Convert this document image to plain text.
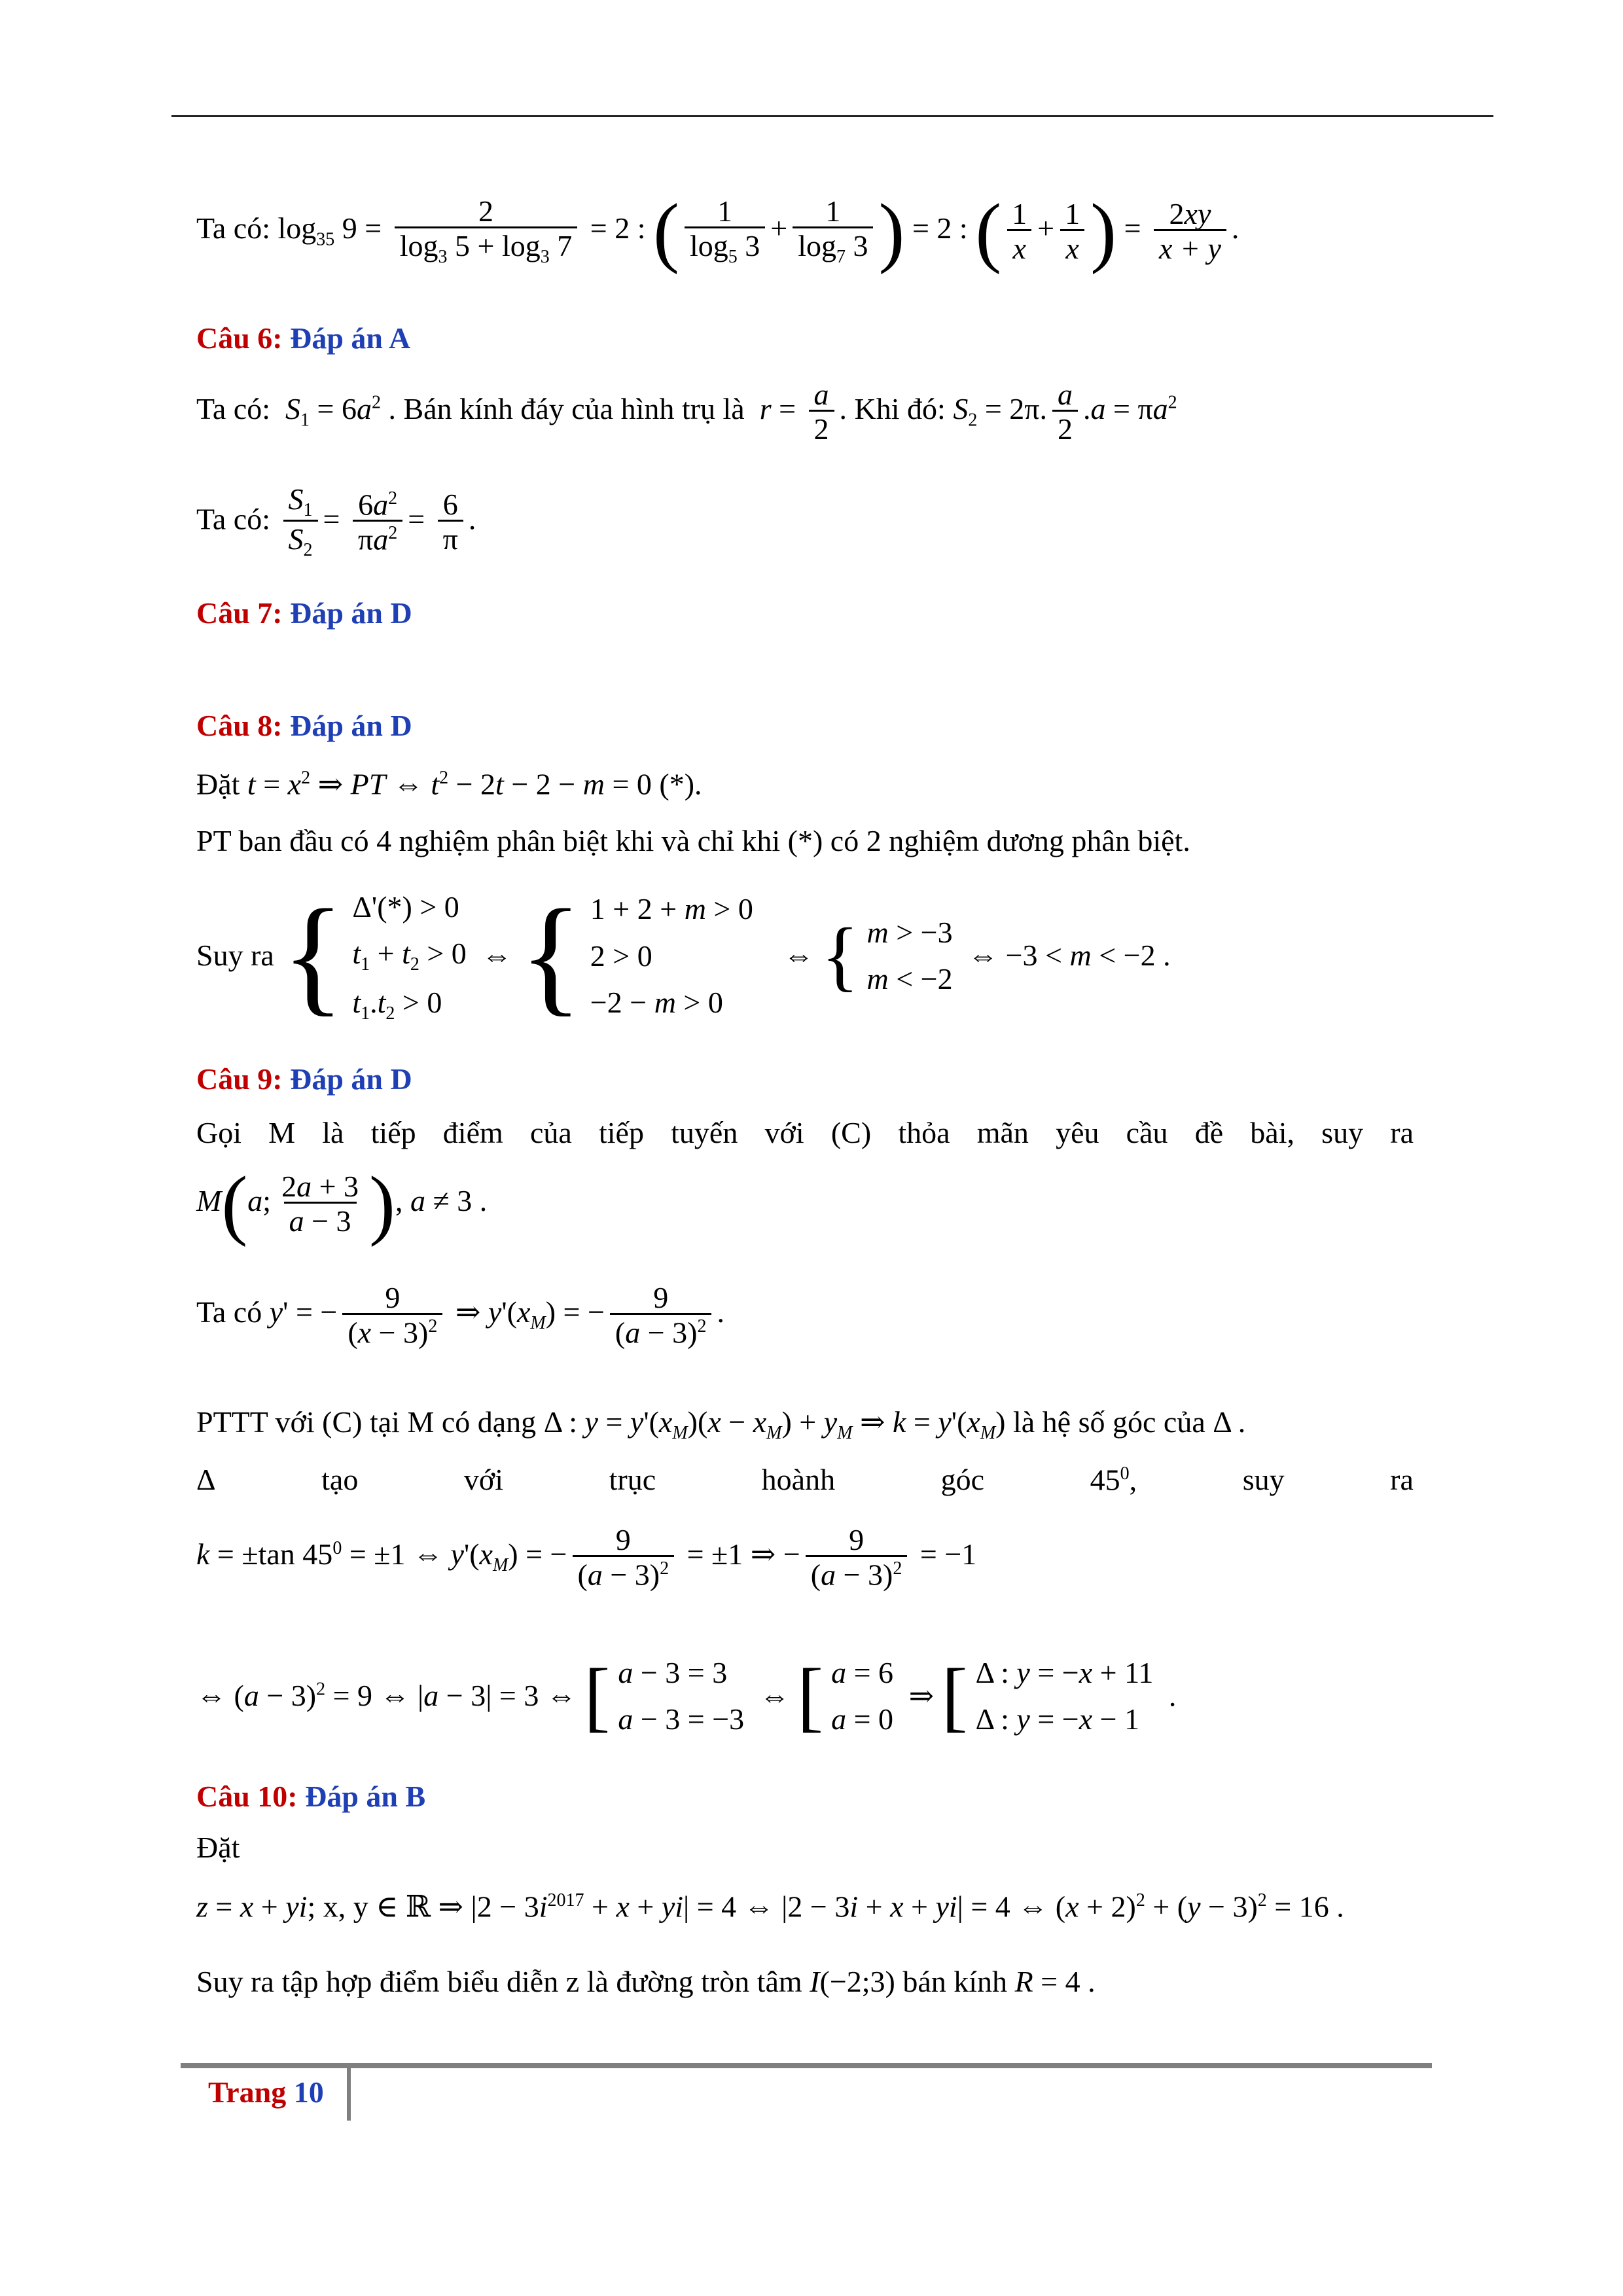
Ta có: $\log_{35} 9 = \frac{2}{\log_3 5 + \log_3 7} = 2$ : ( $\frac{1}{\log_5 3} + \frac{1}{\log_7 3}$ ) = 2 : ( $\frac{1}{x} + \frac{1}{x}$ ) = $\frac{2xy}{x + y}$ .
Câu 6: Đáp án A
Ta có: $S_1 = 6a^2$ . Bán kính đáy của hình trụ là $r = \frac{a}{2}$ . Khi đó: $S_2 = 2\pi$. $\frac{a}{2} .a = \pi a^2$
Ta có: $\frac{S_1}{S_2} = \frac{6a^2}{\pi a^2} = \frac{6}{\pi}$ .
Câu 7: Đáp án D
Câu 8: Đáp án D
Đặt $t = x^2$ ⇒ PT ⇔ $t^2 - 2t - 2 - m = 0$ (*).
PT ban đầu có 4 nghiệm phân biệt khi và chỉ khi (*) có 2 nghiệm dương phân biệt.
Suy ra { Δ'(*) > 0
$t_1 + t_2 > 0$
$t_1.t_2 > 0$
⇔ { 1 + 2 + m > 0
2 > 0
−2 − m > 0
⇔ { m > −3
m < −2
⇔ −3 < m < −2 .
Câu 9: Đáp án D
Gọi M là tiếp điểm của tiếp tuyến với (C) thỏa mãn yêu cầu đề bài, suy ra
M(a; $\frac{2a + 3}{a - 3}$ ), a ≠ 3 .
Ta có y' = − $\frac{9}{(x - 3)^2}$ ⇒ $y'(x_M)$ = − $\frac{9}{(a - 3)^2}$ .
PTTT với (C) tại M có dạng Δ : $y = y'(x_M)(x - x_M) + y_M$ ⇒ $k = y'(x_M)$ là hệ số góc của Δ .
Δ	tạo	với	trục	hoành	góc	$45^0$,	suy	ra
k = ±tan $45^0 = \pm 1$ ⇔ $y'(x_M)$ = − $\frac{9}{(a - 3)^2} = \pm 1$ ⇒ − $\frac{9}{(a - 3)^2} = -1$
⇔ $(a - 3)^2 = 9$ ⇔ |a − 3| = 3 ⇔ [ a − 3 = 3
a − 3 = −3
⇔ [ a = 6
a = 0
⇒ [ Δ : y = −x + 11
Δ : y = −x − 1
.
Câu 10: Đáp án B
Đặt
z = x + yi; x, y ∈ ℝ ⇒ $|2 - 3i^{2017} + x + yi| = 4$ ⇔ |2 − 3i + x + yi| = 4 ⇔ $(x + 2)^2 + (y - 3)^2 = 16$ .
Suy ra tập hợp điểm biểu diễn z là đường tròn tâm I(−2;3) bán kính R = 4 .
Trang 10
